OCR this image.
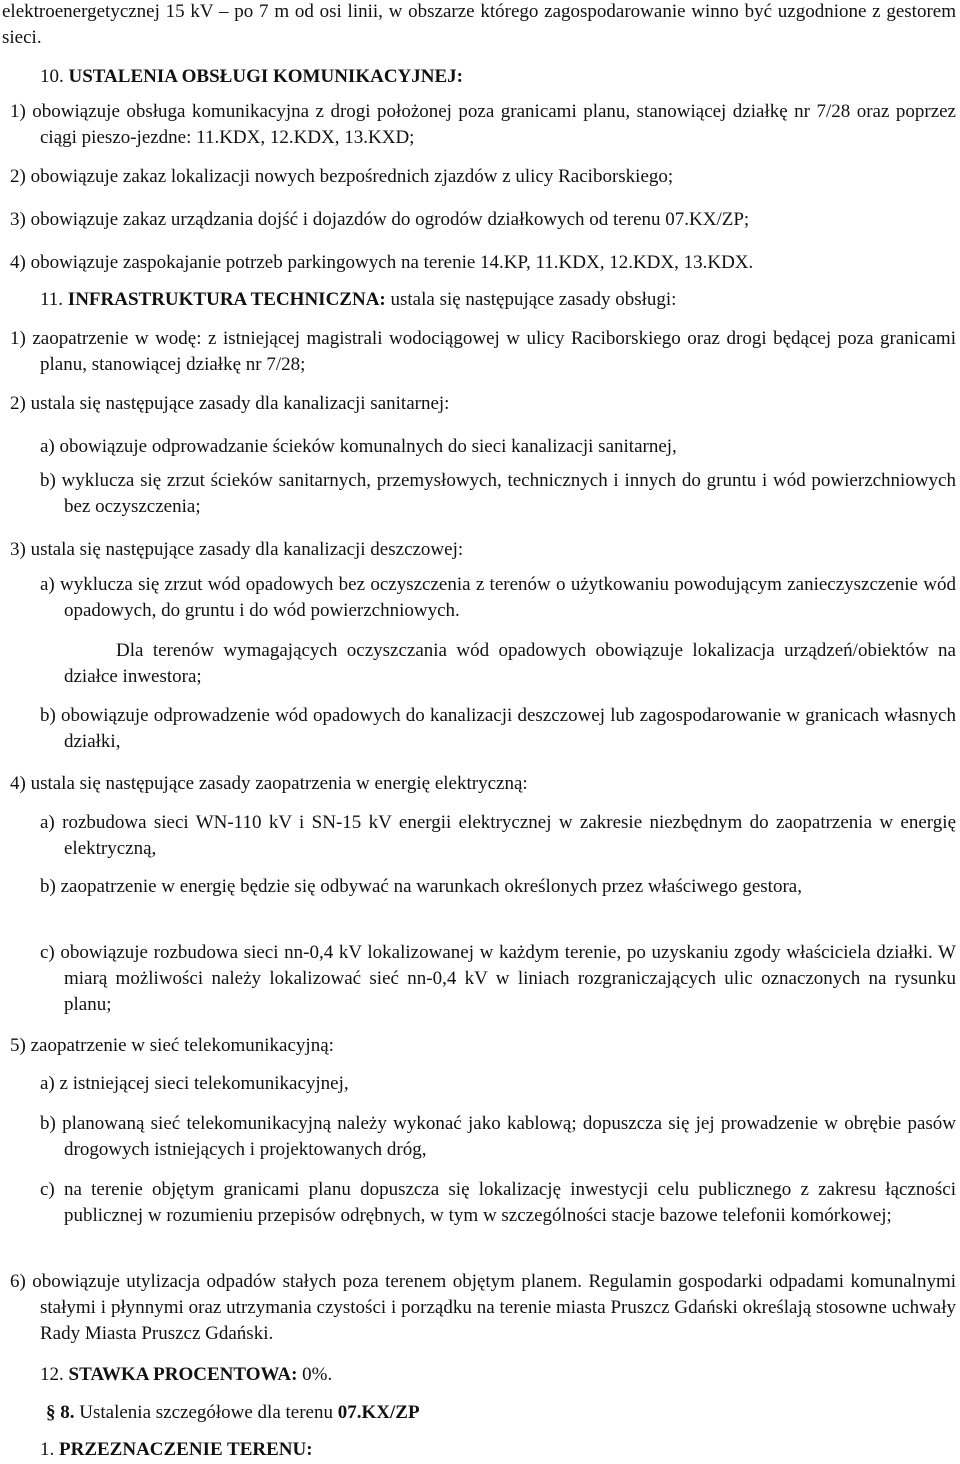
elektroenergetycznej 15 kV – po 7 m od osi linii, w obszarze którego zagospodarowanie winno być uzgodnione z gestorem sieci.

10. USTALENIA OBSŁUGI KOMUNIKACYJNEJ:

1) obowiązuje obsługa komunikacyjna z drogi położonej poza granicami planu, stanowiącej działkę nr 7/28 oraz poprzez ciągi pieszo-jezdne: 11.KDX, 12.KDX, 13.KXD;

2) obowiązuje zakaz lokalizacji nowych bezpośrednich zjazdów z ulicy Raciborskiego;

3) obowiązuje zakaz urządzania dojść i dojazdów do ogrodów działkowych od terenu 07.KX/ZP;

4) obowiązuje zaspokajanie potrzeb parkingowych na terenie 14.KP, 11.KDX, 12.KDX, 13.KDX.

11. INFRASTRUKTURA TECHNICZNA: ustala się następujące zasady obsługi:

1) zaopatrzenie w wodę: z istniejącej magistrali wodociągowej w ulicy Raciborskiego oraz drogi będącej poza granicami planu, stanowiącej działkę nr 7/28;

2) ustala się następujące zasady dla kanalizacji sanitarnej:

a) obowiązuje odprowadzanie ścieków komunalnych do sieci kanalizacji sanitarnej,

b) wyklucza się zrzut ścieków sanitarnych, przemysłowych, technicznych i innych do gruntu i wód powierzchniowych bez oczyszczenia;

3) ustala się następujące zasady dla kanalizacji deszczowej:

a) wyklucza się zrzut wód opadowych bez oczyszczenia z terenów o użytkowaniu powodującym zanieczyszczenie wód opadowych, do gruntu i do wód powierzchniowych.

Dla terenów wymagających oczyszczania wód opadowych obowiązuje lokalizacja urządzeń/obiektów na działce inwestora;

b) obowiązuje odprowadzenie wód opadowych do kanalizacji deszczowej lub zagospodarowanie w granicach własnych działki,

4) ustala się następujące zasady zaopatrzenia w energię elektryczną:

a) rozbudowa sieci WN-110 kV i SN-15 kV energii elektrycznej w zakresie niezbędnym do zaopatrzenia w energię elektryczną,

b) zaopatrzenie w energię będzie się odbywać na warunkach określonych przez właściwego gestora,

c) obowiązuje rozbudowa sieci nn-0,4 kV lokalizowanej w każdym terenie, po uzyskaniu zgody właściciela działki. W miarą możliwości należy lokalizować sieć nn-0,4 kV w liniach rozgraniczających ulic oznaczonych na rysunku planu;

5) zaopatrzenie w sieć telekomunikacyjną:

a) z istniejącej sieci telekomunikacyjnej,

b) planowaną sieć telekomunikacyjną należy wykonać jako kablową; dopuszcza się jej prowadzenie w obrębie pasów drogowych istniejących i projektowanych dróg,

c) na terenie objętym granicami planu dopuszcza się lokalizację inwestycji celu publicznego z zakresu łączności publicznej w rozumieniu przepisów odrębnych, w tym w szczególności stacje bazowe telefonii komórkowej;

6) obowiązuje utylizacja odpadów stałych poza terenem objętym planem. Regulamin gospodarki odpadami komunalnymi stałymi i płynnymi oraz utrzymania czystości i porządku na terenie miasta Pruszcz Gdański określają stosowne uchwały Rady Miasta Pruszcz Gdański.

12. STAWKA PROCENTOWA: 0%.

§ 8. Ustalenia szczegółowe dla terenu 07.KX/ZP

1. PRZEZNACZENIE TERENU:
